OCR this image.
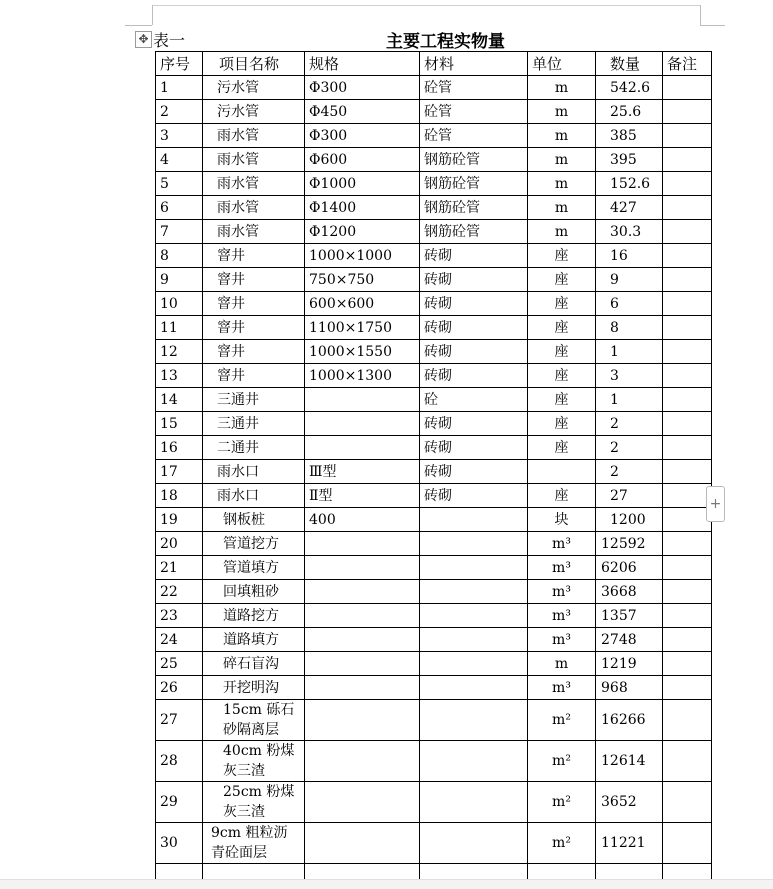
✥ 表一	主要工程实物量
序号	项目名称	规格	材料	单位	数量	备注
1	污水管	Φ300	砼管	m	542.6	
2	污水管	Φ450	砼管	m	25.6	
3	雨水管	Φ300	砼管	m	385	
4	雨水管	Φ600	钢筋砼管	m	395	
5	雨水管	Φ1000	钢筋砼管	m	152.6	
6	雨水管	Φ1400	钢筋砼管	m	427	
7	雨水管	Φ1200	钢筋砼管	m	30.3	
8	窨井	1000×1000	砖砌	座	16	
9	窨井	750×750	砖砌	座	9	
10	窨井	600×600	砖砌	座	6	
11	窨井	1100×1750	砖砌	座	8	
12	窨井	1000×1550	砖砌	座	1	
13	窨井	1000×1300	砖砌	座	3	
14	三通井		砼	座	1	
15	三通井		砖砌	座	2	
16	二通井		砖砌	座	2	
17	雨水口	Ⅲ型	砖砌		2	
18	雨水口	Ⅱ型	砖砌	座	27	
19	钢板桩	400		块	1200	
20	管道挖方			m³	12592	
21	管道填方			m³	6206	
22	回填粗砂			m³	3668	
23	道路挖方			m³	1357	
24	道路填方			m³	2748	
25	碎石盲沟			m	1219	
26	开挖明沟			m³	968	
27	15cm 砾石砂隔离层			m²	16266	
28	40cm 粉煤灰三渣			m²	12614	
29	25cm 粉煤灰三渣			m²	3652	
30	9cm 粗粒沥青砼面层			m²	11221	

+
